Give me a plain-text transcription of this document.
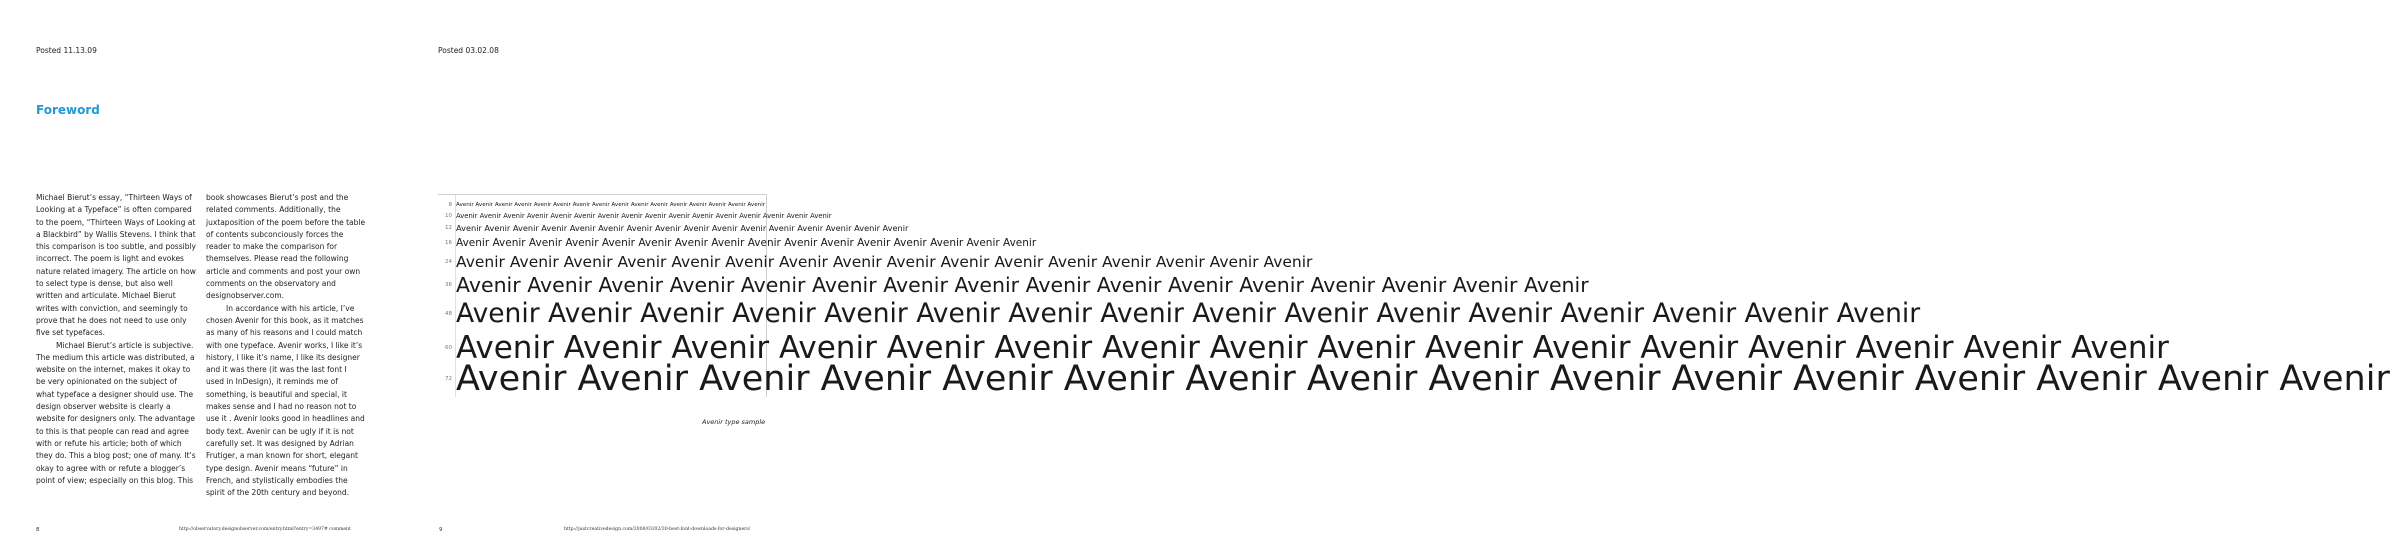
Posted 11.13.09
Foreword

Michael Bierut’s essay, “Thirteen Ways of Looking at a Typeface” is often compared to the poem, “Thirteen Ways of Looking at a Blackbird” by Wallis Stevens. I think that this comparison is too subtle, and possibly incorrect. The poem is light and evokes nature related imagery. The article on how to select type is dense, but also well written and articulate. Michael Bierut writes with conviction, and seemingly to prove that he does not need to use only five set typefaces.

Michael Bierut’s article is subjective. The medium this article was distributed, a website on the internet, makes it okay to be very opinionated on the subject of what typeface a designer should use. The design observer website is clearly a website for designers only. The advantage to this is that people can read and agree with or refute his article; both of which they do. This a blog post; one of many. It’s okay to agree with or refute a blogger’s point of view; especially on this blog. This

book showcases Bierut’s post and the related comments. Additionally, the juxtaposition of the poem before the table of contents subconciously forces the reader to make the comparison for themselves. Please read the following article and comments and post your own comments on the observatory and designobserver.com.

In accordance with his article, I’ve chosen Avenir for this book, as it matches as many of his reasons and I could match with one typeface. Avenir works, I like it’s history, I like it’s name, I like its designer and it was there (it was the last font I used in InDesign), it reminds me of something, is beautiful and special, it makes sense and I had no reason not to use it . Avenir looks good in headlines and body text. Avenir can be ugly if it is not carefully set. It was designed by Adrian Frutiger, a man known for short, elegant type design. Avenir means “future” in French, and stylistically embodies the spirit of the 20th century and beyond.

8	http://observatory.designobserver.com/entry.html?entry=3497# comment
Posted 03.02.08
8 Avenir Avenir Avenir Avenir Avenir Avenir Avenir Avenir Avenir Avenir Avenir Avenir Avenir Avenir Avenir Avenir
10 Avenir Avenir Avenir Avenir Avenir Avenir Avenir Avenir Avenir Avenir Avenir Avenir Avenir Avenir Avenir Avenir
12 Avenir Avenir Avenir Avenir Avenir Avenir Avenir Avenir Avenir Avenir Avenir Avenir Avenir Avenir Avenir Avenir
16 Avenir Avenir Avenir Avenir Avenir Avenir Avenir Avenir Avenir Avenir Avenir Avenir Avenir Avenir Avenir Avenir
24 Avenir Avenir Avenir Avenir Avenir Avenir Avenir Avenir Avenir Avenir Avenir Avenir Avenir Avenir Avenir Avenir
36 Avenir Avenir Avenir Avenir Avenir Avenir Avenir Avenir Avenir Avenir Avenir Avenir Avenir Avenir Avenir Avenir
48 Avenir Avenir Avenir Avenir Avenir Avenir Avenir Avenir Avenir Avenir Avenir Avenir Avenir Avenir Avenir Avenir
60 Avenir Avenir Avenir Avenir Avenir Avenir Avenir Avenir Avenir Avenir Avenir Avenir Avenir Avenir Avenir Avenir
72 Avenir Avenir Avenir Avenir Avenir Avenir Avenir Avenir Avenir Avenir Avenir Avenir Avenir Avenir Avenir Avenir
Avenir type sample
9	http://justcreativedesign.com/2008/03/02/30-best-font-downloads-for-designers/
